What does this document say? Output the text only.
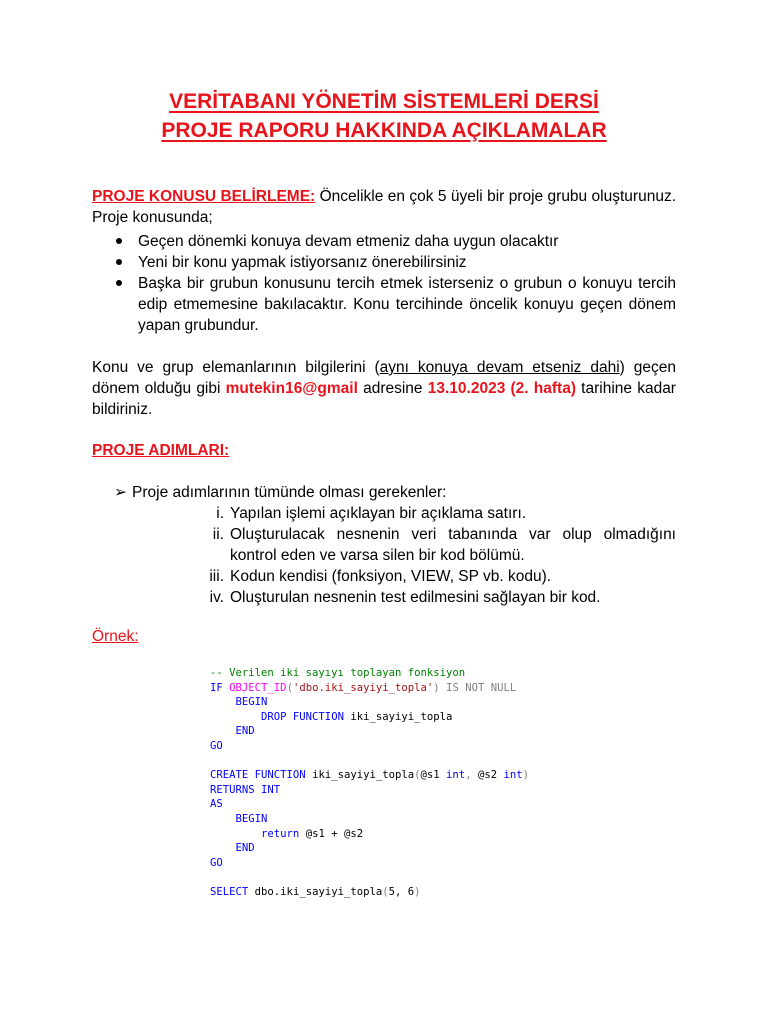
VERİTABANI YÖNETİM SİSTEMLERİ DERSİ
PROJE RAPORU HAKKINDA AÇIKLAMALAR
PROJE KONUSU BELİRLEME: Öncelikle en çok 5 üyeli bir proje grubu oluşturunuz. Proje konusunda;
Geçen dönemki konuya devam etmeniz daha uygun olacaktır
Yeni bir konu yapmak istiyorsanız önerebilirsiniz
Başka bir grubun konusunu tercih etmek isterseniz o grubun o konuyu tercih edip etmemesine bakılacaktır. Konu tercihinde öncelik konuyu geçen dönem yapan grubundur.
Konu ve grup elemanlarının bilgilerini (aynı konuya devam etseniz dahi) geçen dönem olduğu gibi mutekin16@gmail adresine 13.10.2023 (2. hafta) tarihine kadar bildiriniz.
PROJE ADIMLARI:
➢ Proje adımlarının tümünde olması gerekenler:
i. Yapılan işlemi açıklayan bir açıklama satırı.
ii. Oluşturulacak nesnenin veri tabanında var olup olmadığını kontrol eden ve varsa silen bir kod bölümü.
iii. Kodun kendisi (fonksiyon, VIEW, SP vb. kodu).
iv. Oluşturulan nesnenin test edilmesini sağlayan bir kod.
Örnek:
-- Verilen iki sayıyı toplayan fonksiyon
IF OBJECT_ID('dbo.iki_sayiyi_topla') IS NOT NULL
BEGIN
DROP FUNCTION iki_sayiyi_topla
END
GO

CREATE FUNCTION iki_sayiyi_topla(@s1 int, @s2 int)
RETURNS INT
AS
BEGIN
return @s1 + @s2
END
GO

SELECT dbo.iki_sayiyi_topla(5, 6)
